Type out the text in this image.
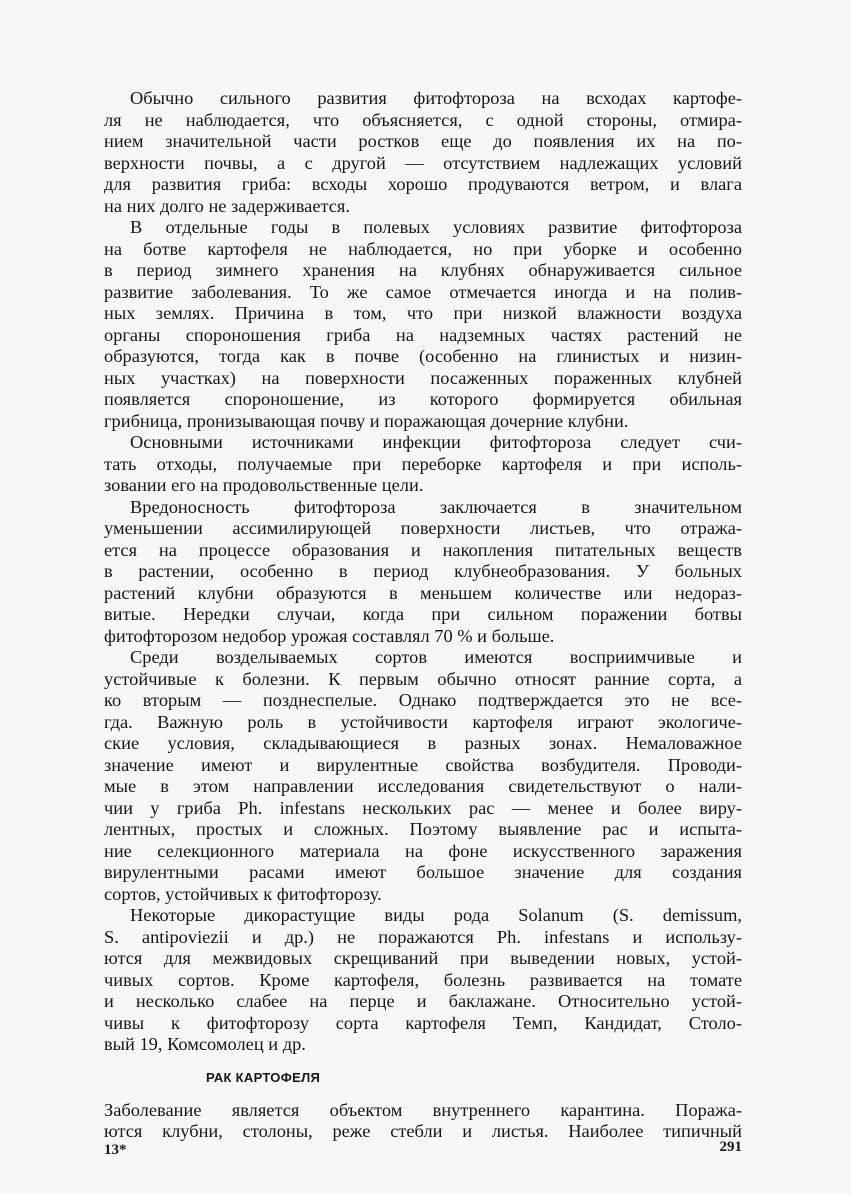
Обычно сильного развития фитофтороза на всходах картофе-
ля не наблюдается, что объясняется, с одной стороны, отмира-
нием значительной части ростков еще до появления их на по-
верхности почвы, а с другой — отсутствием надлежащих условий
для развития гриба: всходы хорошо продуваются ветром, и влага
на них долго не задерживается.
В отдельные годы в полевых условиях развитие фитофтороза
на ботве картофеля не наблюдается, но при уборке и особенно
в период зимнего хранения на клубнях обнаруживается сильное
развитие заболевания. То же самое отмечается иногда и на полив-
ных землях. Причина в том, что при низкой влажности воздуха
органы спороношения гриба на надземных частях растений не
образуются, тогда как в почве (особенно на глинистых и низин-
ных участках) на поверхности посаженных пораженных клубней
появляется спороношение, из которого формируется обильная
грибница, пронизывающая почву и поражающая дочерние клубни.
Основными источниками инфекции фитофтороза следует счи-
тать отходы, получаемые при переборке картофеля и при исполь-
зовании его на продовольственные цели.
Вредоносность фитофтороза заключается в значительном
уменьшении ассимилирующей поверхности листьев, что отража-
ется на процессе образования и накопления питательных веществ
в растении, особенно в период клубнеобразования. У больных
растений клубни образуются в меньшем количестве или недораз-
витые. Нередки случаи, когда при сильном поражении ботвы
фитофторозом недобор урожая составлял 70 % и больше.
Среди возделываемых сортов имеются восприимчивые и
устойчивые к болезни. К первым обычно относят ранние сорта, а
ко вторым — позднеспелые. Однако подтверждается это не все-
гда. Важную роль в устойчивости картофеля играют экологиче-
ские условия, складывающиеся в разных зонах. Немаловажное
значение имеют и вирулентные свойства возбудителя. Проводи-
мые в этом направлении исследования свидетельствуют о нали-
чии у гриба Ph. infestans нескольких рас — менее и более виру-
лентных, простых и сложных. Поэтому выявление рас и испыта-
ние селекционного материала на фоне искусственного заражения
вирулентными расами имеют большое значение для создания
сортов, устойчивых к фитофторозу.
Некоторые дикорастущие виды рода Solanum (S. demissum,
S. antipoviezii и др.) не поражаются Ph. infestans и использу-
ются для межвидовых скрещиваний при выведении новых, устой-
чивых сортов. Кроме картофеля, болезнь развивается на томате
и несколько слабее на перце и баклажане. Относительно устой-
чивы к фитофторозу сорта картофеля Темп, Кандидат, Столо-
вый 19, Комсомолец и др.
РАК КАРТОФЕЛЯ
Заболевание является объектом внутреннего карантина. Поража-
ются клубни, столоны, реже стебли и листья. Наиболее типичный
13*	291
